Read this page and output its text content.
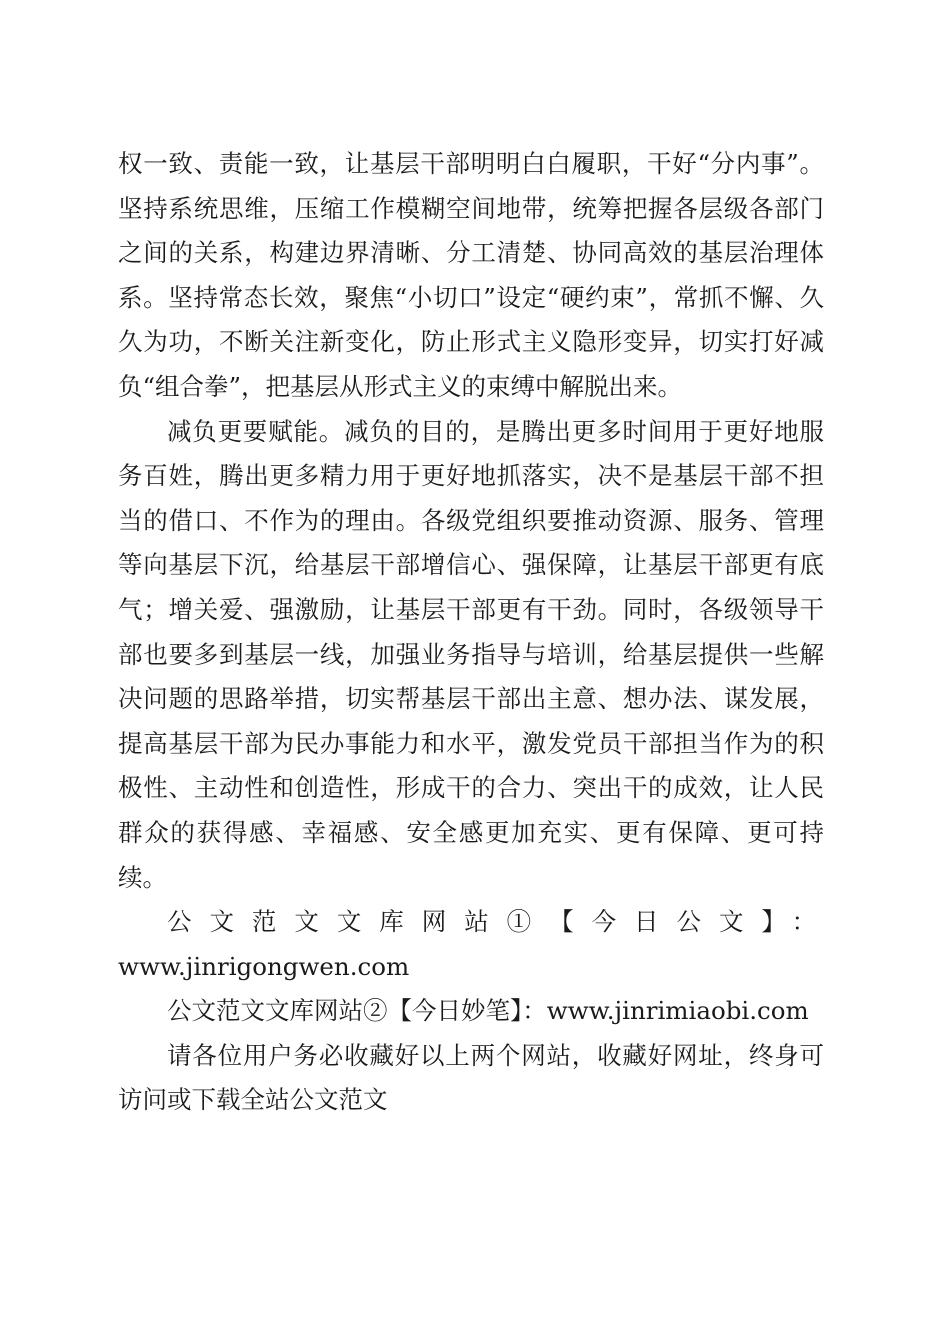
权一致、责能一致，让基层干部明明白白履职，干好“分内事”。坚持系统思维，压缩工作模糊空间地带，统筹把握各层级各部门之间的关系，构建边界清晰、分工清楚、协同高效的基层治理体系。坚持常态长效，聚焦“小切口”设定“硬约束”，常抓不懈、久久为功，不断关注新变化，防止形式主义隐形变异，切实打好减负“组合拳”，把基层从形式主义的束缚中解脱出来。

减负更要赋能。减负的目的，是腾出更多时间用于更好地服务百姓，腾出更多精力用于更好地抓落实，决不是基层干部不担当的借口、不作为的理由。各级党组织要推动资源、服务、管理等向基层下沉，给基层干部增信心、强保障，让基层干部更有底气；增关爱、强激励，让基层干部更有干劲。同时，各级领导干部也要多到基层一线，加强业务指导与培训，给基层提供一些解决问题的思路举措，切实帮基层干部出主意、想办法、谋发展，提高基层干部为民办事能力和水平，激发党员干部担当作为的积极性、主动性和创造性，形成干的合力、突出干的成效，让人民群众的获得感、幸福感、安全感更加充实、更有保障、更可持续。

公文范文文库网站①【今日公文】：

www.jinrigongwen.com

公文范文文库网站②【今日妙笔】：www.jinrimiaobi.com

请各位用户务必收藏好以上两个网站，收藏好网址，终身可访问或下载全站公文范文
